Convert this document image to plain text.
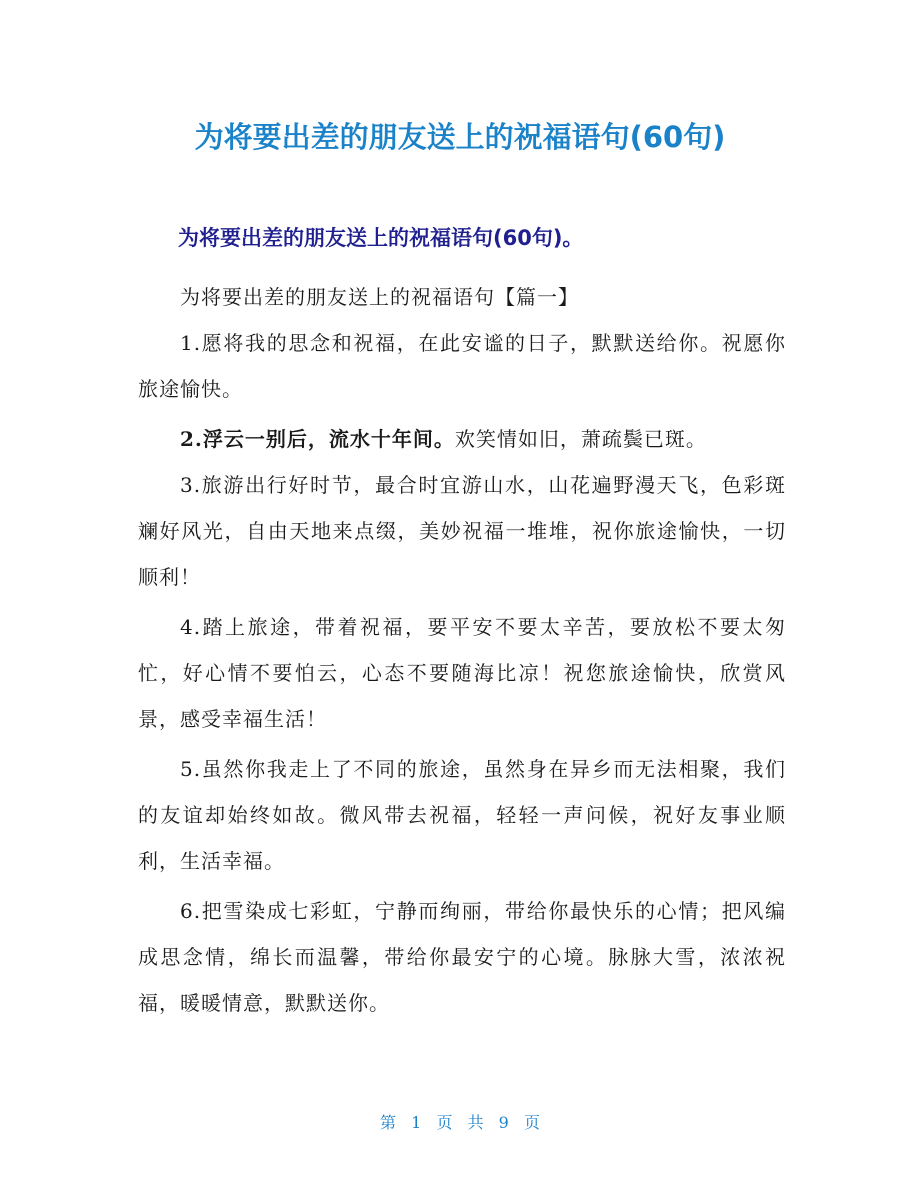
为将要出差的朋友送上的祝福语句(60句)
为将要出差的朋友送上的祝福语句(60句)。

为将要出差的朋友送上的祝福语句【篇一】

1.愿将我的思念和祝福，在此安谧的日子，默默送给你。祝愿你旅途愉快。

2.浮云一别后，流水十年间。欢笑情如旧，萧疏鬓已斑。

3.旅游出行好时节，最合时宜游山水，山花遍野漫天飞，色彩斑斓好风光，自由天地来点缀，美妙祝福一堆堆，祝你旅途愉快，一切顺利！

4.踏上旅途，带着祝福，要平安不要太辛苦，要放松不要太匆忙，好心情不要怕云，心态不要随海比凉！祝您旅途愉快，欣赏风景，感受幸福生活！

5.虽然你我走上了不同的旅途，虽然身在异乡而无法相聚，我们的友谊却始终如故。微风带去祝福，轻轻一声问候，祝好友事业顺利，生活幸福。

6.把雪染成七彩虹，宁静而绚丽，带给你最快乐的心情；把风编成思念情，绵长而温馨，带给你最安宁的心境。脉脉大雪，浓浓祝福，暖暖情意，默默送你。

第 1 页 共 9 页
